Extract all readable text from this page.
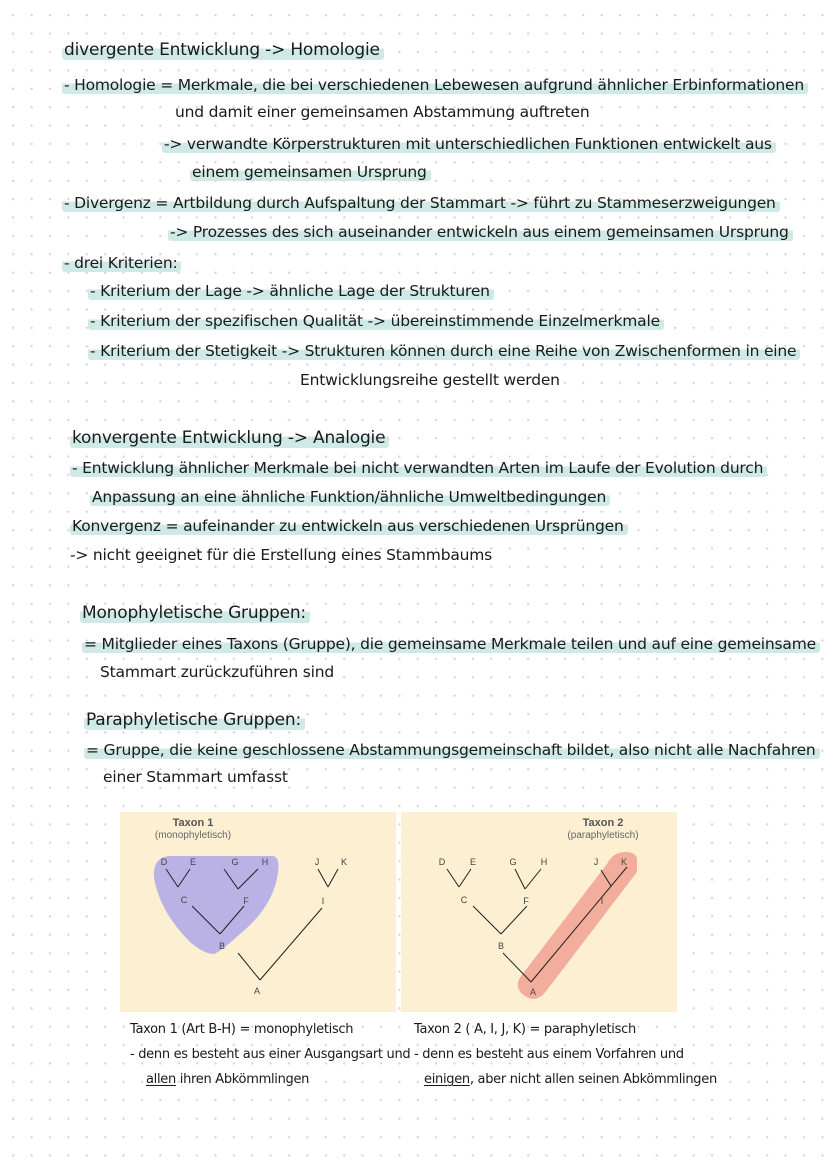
divergente Entwicklung -> Homologie
- Homologie = Merkmale, die bei verschiedenen Lebewesen aufgrund ähnlicher Erbinformationen
und damit einer gemeinsamen Abstammung auftreten
-> verwandte Körperstrukturen mit unterschiedlichen Funktionen entwickelt aus
einem gemeinsamen Ursprung
- Divergenz = Artbildung durch Aufspaltung der Stammart -> führt zu Stammeserzweigungen
-> Prozesses des sich auseinander entwickeln aus einem gemeinsamen Ursprung
- drei Kriterien:
- Kriterium der Lage -> ähnliche Lage der Strukturen
- Kriterium der spezifischen Qualität -> übereinstimmende Einzelmerkmale
- Kriterium der Stetigkeit -> Strukturen können durch eine Reihe von Zwischenformen in eine
Entwicklungsreihe gestellt werden
konvergente Entwicklung -> Analogie
- Entwicklung ähnlicher Merkmale bei nicht verwandten Arten im Laufe der Evolution durch
Anpassung an eine ähnliche Funktion/ähnliche Umweltbedingungen
Konvergenz = aufeinander zu entwickeln aus verschiedenen Ursprüngen
-> nicht geeignet für die Erstellung eines Stammbaums
Monophyletische Gruppen:
= Mitglieder eines Taxons (Gruppe), die gemeinsame Merkmale teilen und auf eine gemeinsame
Stammart zurückzuführen sind
Paraphyletische Gruppen:
= Gruppe, die keine geschlossene Abstammungsgemeinschaft bildet, also nicht alle Nachfahren
einer Stammart umfasst
Taxon 1
(monophyletisch)
D	E	G	H	J K
C	F	I
B
A
Taxon 2
(paraphyletisch)
D	E	G	H	J	K
C	F	I
B
A
Taxon 1 (Art B-H) = monophyletisch
- denn es besteht aus einer Ausgangsart und
allen ihren Abkömmlingen
Taxon 2 ( A, I, J, K) = paraphyletisch
- denn es besteht aus einem Vorfahren und
einigen, aber nicht allen seinen Abkömmlingen
